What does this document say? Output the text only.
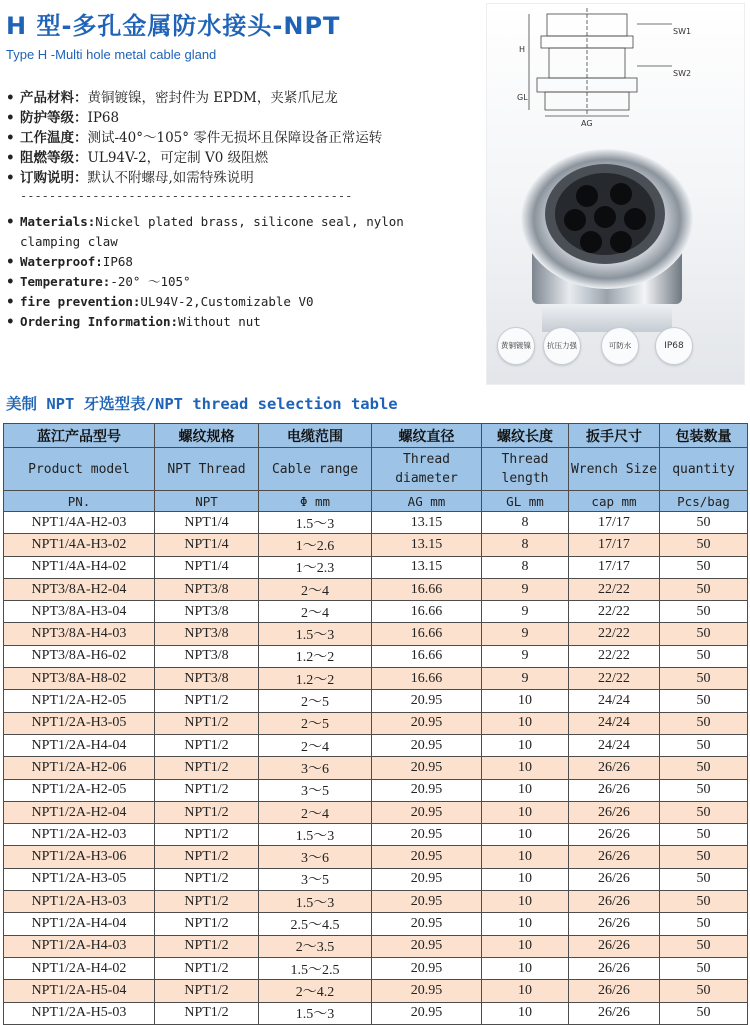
H 型-多孔金属防水接头-NPT
Type H -Multi hole metal cable gland
• 产品材料：黄铜镀镍，密封件为 EPDM，夹紧爪尼龙
• 防护等级：IP68
• 工作温度：测试-40°～105° 零件无损坏且保障设备正常运转
• 阻燃等级：UL94V-2，可定制 V0 级阻燃
• 订购说明：默认不附螺母,如需特殊说明
----------------------------------------------
• Materials:Nickel plated brass, silicone seal, nylon
clamping claw
• Waterproof:IP68
• Temperature:-20° ～105°
• fire prevention:UL94V-2,Customizable V0
• Ordering Information:Without nut
SW1
SW2
H
GL
AG
黄铜镀镍	抗压力强	可防水	IP68
美制 NPT 牙选型表/NPT thread selection table
蓝江产品型号	螺纹规格	电缆范围	螺纹直径	螺纹长度	扳手尺寸	包装数量
Product model	NPT Thread	Cable range	Thread diameter	Thread length	Wrench Size	quantity
PN.	NPT	Φ mm	AG mm	GL mm	cap mm	Pcs/bag
NPT1/4A-H2-03	NPT1/4	1.5～3	13.15	8	17/17	50
NPT1/4A-H3-02	NPT1/4	1～2.6	13.15	8	17/17	50
NPT1/4A-H4-02	NPT1/4	1～2.3	13.15	8	17/17	50
NPT3/8A-H2-04	NPT3/8	2～4	16.66	9	22/22	50
NPT3/8A-H3-04	NPT3/8	2～4	16.66	9	22/22	50
NPT3/8A-H4-03	NPT3/8	1.5～3	16.66	9	22/22	50
NPT3/8A-H6-02	NPT3/8	1.2～2	16.66	9	22/22	50
NPT3/8A-H8-02	NPT3/8	1.2～2	16.66	9	22/22	50
NPT1/2A-H2-05	NPT1/2	2～5	20.95	10	24/24	50
NPT1/2A-H3-05	NPT1/2	2～5	20.95	10	24/24	50
NPT1/2A-H4-04	NPT1/2	2～4	20.95	10	24/24	50
NPT1/2A-H2-06	NPT1/2	3～6	20.95	10	26/26	50
NPT1/2A-H2-05	NPT1/2	3～5	20.95	10	26/26	50
NPT1/2A-H2-04	NPT1/2	2～4	20.95	10	26/26	50
NPT1/2A-H2-03	NPT1/2	1.5～3	20.95	10	26/26	50
NPT1/2A-H3-06	NPT1/2	3～6	20.95	10	26/26	50
NPT1/2A-H3-05	NPT1/2	3～5	20.95	10	26/26	50
NPT1/2A-H3-03	NPT1/2	1.5～3	20.95	10	26/26	50
NPT1/2A-H4-04	NPT1/2	2.5～4.5	20.95	10	26/26	50
NPT1/2A-H4-03	NPT1/2	2～3.5	20.95	10	26/26	50
NPT1/2A-H4-02	NPT1/2	1.5～2.5	20.95	10	26/26	50
NPT1/2A-H5-04	NPT1/2	2～4.2	20.95	10	26/26	50
NPT1/2A-H5-03	NPT1/2	1.5～3	20.95	10	26/26	50
